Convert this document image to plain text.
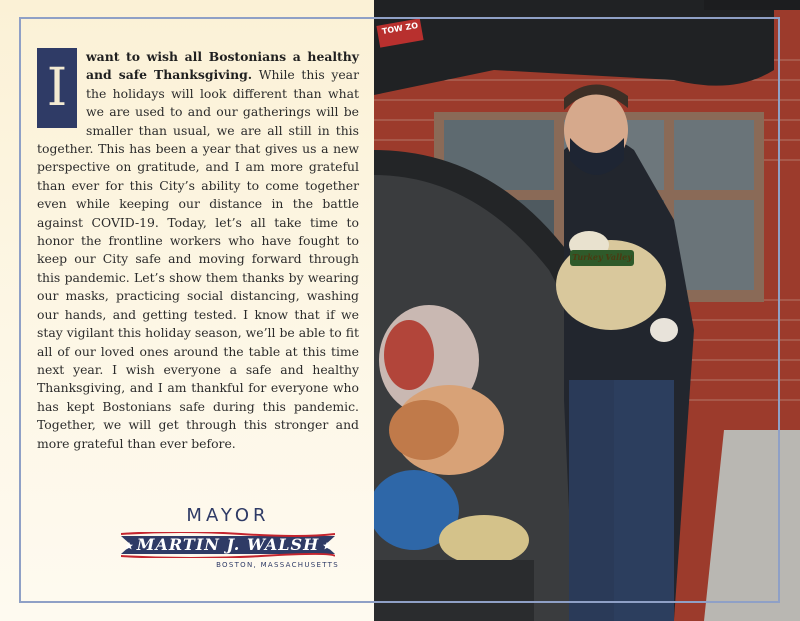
I
want to wish all Bostonians a healthy and safe Thanksgiving. While this year the holidays will look different than what we are used to and our gatherings will be smaller than usual, we are all still in this together. This has been a year that gives us a new perspective on gratitude, and I am more grateful than ever for this City’s ability to come together even while keeping our distance in the battle against COVID-19. Today, let’s all take time to honor the frontline workers who have fought to keep our City safe and moving forward through this pandemic. Let’s show them thanks by wearing our masks, practicing social distancing, washing our hands, and getting tested. I know that if we stay vigilant this holiday season, we’ll be able to fit all of our loved ones around the table at this time next year. I wish everyone a safe and healthy Thanksgiving, and I am thankful for everyone who has kept Bostonians safe during this pandemic. Together, we will get through this stronger and more grateful than ever before.
MAYOR
MARTIN J. WALSH
BOSTON, MASSACHUSETTS
TOW ZO
Turkey Valley
